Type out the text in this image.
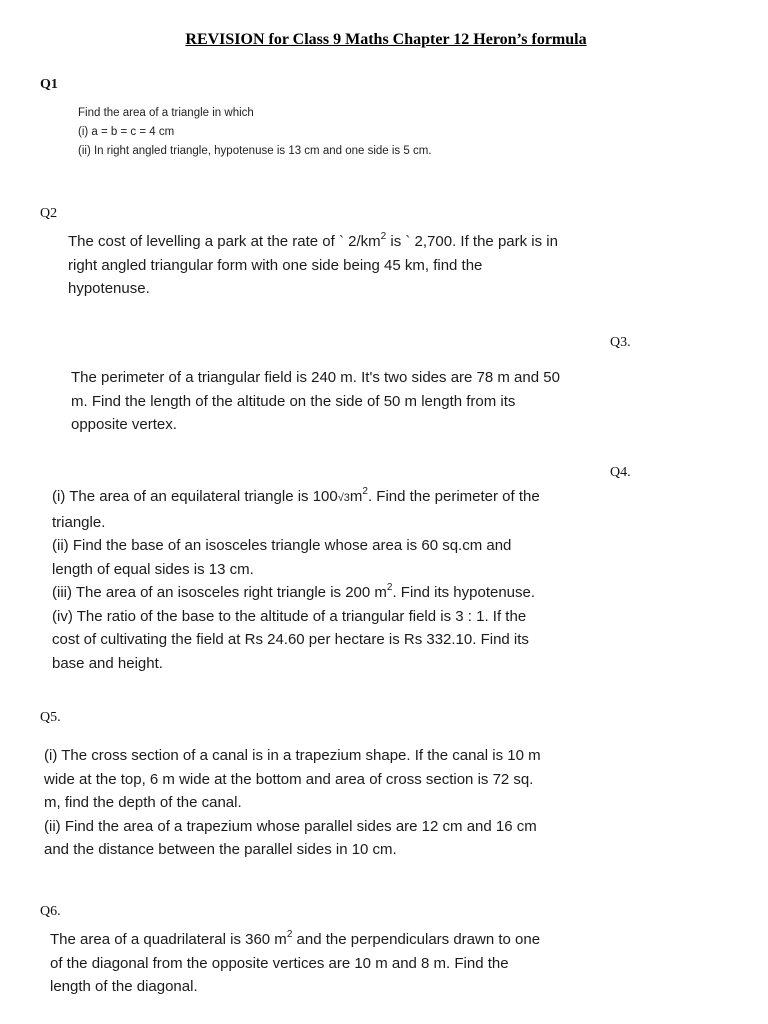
REVISION for Class 9 Maths Chapter 12 Heron’s formula
Q1
Find the area of a triangle in which
(i) a = b = c = 4 cm
(ii) In right angled triangle, hypotenuse is 13 cm and one side is 5 cm.
Q2
The cost of levelling a park at the rate of ` $2/km^2$ is ` 2,700. If the park is in
right angled triangular form with one side being 45 km, find the
hypotenuse.
Q3.
The perimeter of a triangular field is 240 m. It's two sides are 78 m and 50
m. Find the length of the altitude on the side of 50 m length from its
opposite vertex.
Q4.
(i) The area of an equilateral triangle is $100√3m^2$. Find the perimeter of the
triangle.
(ii) Find the base of an isosceles triangle whose area is 60 sq.cm and
length of equal sides is 13 cm.
(iii) The area of an isosceles right triangle is 200 $m^2$. Find its hypotenuse.
(iv) The ratio of the base to the altitude of a triangular field is 3 : 1. If the
cost of cultivating the field at Rs 24.60 per hectare is Rs 332.10. Find its
base and height.
Q5.
(i) The cross section of a canal is in a trapezium shape. If the canal is 10 m
wide at the top, 6 m wide at the bottom and area of cross section is 72 sq.
m, find the depth of the canal.
(ii) Find the area of a trapezium whose parallel sides are 12 cm and 16 cm
and the distance between the parallel sides in 10 cm.
Q6.
The area of a quadrilateral is 360 $m^2$ and the perpendiculars drawn to one
of the diagonal from the opposite vertices are 10 m and 8 m. Find the
length of the diagonal.
